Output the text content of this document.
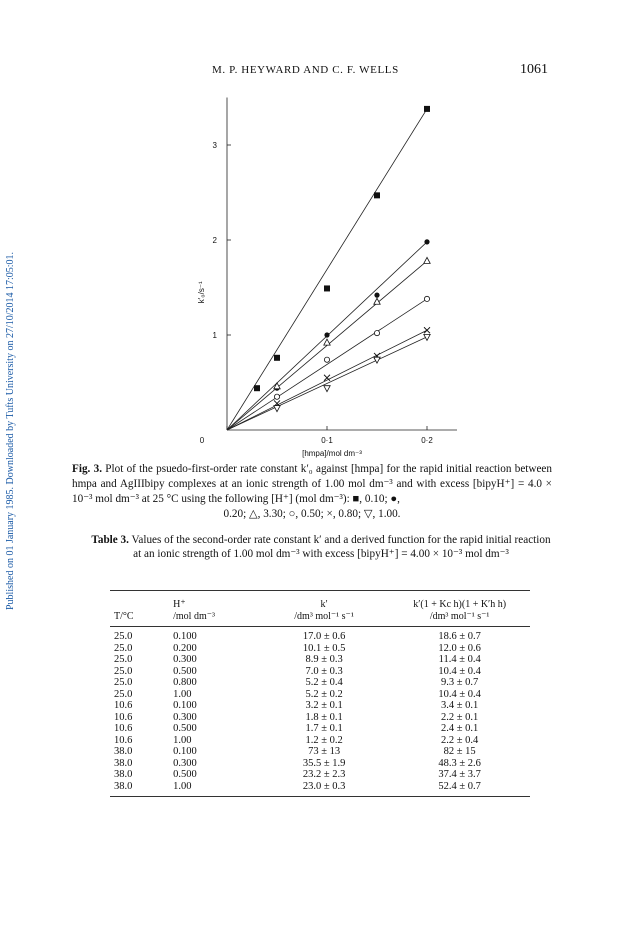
M. P. HEYWARD AND C. F. WELLS	1061
Published on 01 January 1985. Downloaded by Tufts University on 27/10/2014 17:05:01.	0	0·1	0·2
1
2
3
[hmpa]/mol dm⁻³
k′₀/s⁻¹
Fig. 3. Plot of the psuedo-first-order rate constant k′₀ against [hmpa] for the rapid initial reaction between hmpa and AgIIIbipy complexes at an ionic strength of 1.00 mol dm⁻³ and with excess [bipyH⁺] = 4.0 × 10⁻³ mol dm⁻³ at 25 °C using the following [H⁺] (mol dm⁻³): ■, 0.10; ●,
0.20; △, 3.30; ○, 0.50; ×, 0.80; ▽, 1.00.
Table 3. Values of the second-order rate constant k′ and a derived function for the rapid initial reaction at an ionic strength of 1.00 mol dm⁻³ with excess [bipyH⁺] = 4.00 × 10⁻³ mol dm⁻³
	H⁺	k′	k′(1 + Kc h)(1 + K′h h)
T/°C	/mol dm⁻³	/dm³ mol⁻¹ s⁻¹	/dm³ mol⁻¹ s⁻¹
25.0	0.100	17.0 ± 0.6	18.6 ± 0.7
25.0	0.200	10.1 ± 0.5	12.0 ± 0.6
25.0	0.300	8.9 ± 0.3	11.4 ± 0.4
25.0	0.500	7.0 ± 0.3	10.4 ± 0.4
25.0	0.800	5.2 ± 0.4	9.3 ± 0.7
25.0	1.00	5.2 ± 0.2	10.4 ± 0.4
10.6	0.100	3.2 ± 0.1	3.4 ± 0.1
10.6	0.300	1.8 ± 0.1	2.2 ± 0.1
10.6	0.500	1.7 ± 0.1	2.4 ± 0.1
10.6	1.00	1.2 ± 0.2	2.2 ± 0.4
38.0	0.100	73 ± 13	82 ± 15
38.0	0.300	35.5 ± 1.9	48.3 ± 2.6
38.0	0.500	23.2 ± 2.3	37.4 ± 3.7
38.0	1.00	23.0 ± 0.3	52.4 ± 0.7
